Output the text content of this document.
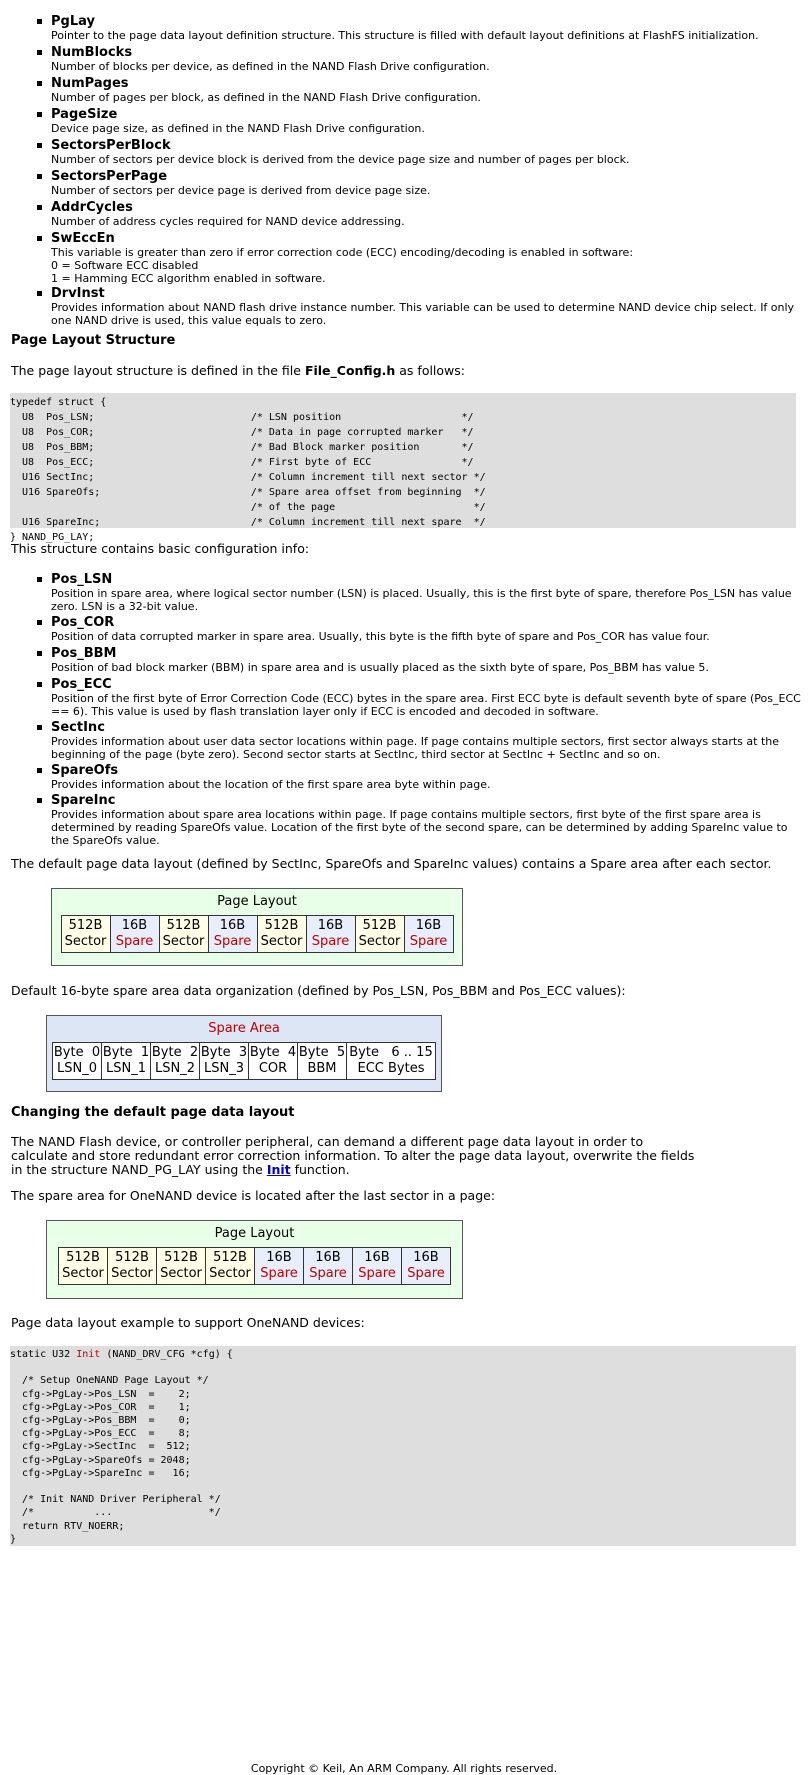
PgLay
Pointer to the page data layout definition structure. This structure is filled with default layout definitions at FlashFS initialization.
NumBlocks
Number of blocks per device, as defined in the NAND Flash Drive configuration.
NumPages
Number of pages per block, as defined in the NAND Flash Drive configuration.
PageSize
Device page size, as defined in the NAND Flash Drive configuration.
SectorsPerBlock
Number of sectors per device block is derived from the device page size and number of pages per block.
SectorsPerPage
Number of sectors per device page is derived from device page size.
AddrCycles
Number of address cycles required for NAND device addressing.
SwEccEn
This variable is greater than zero if error correction code (ECC) encoding/decoding is enabled in software:
0 = Software ECC disabled
1 = Hamming ECC algorithm enabled in software.
DrvInst
Provides information about NAND flash drive instance number. This variable can be used to determine NAND device chip select. If only one NAND drive is used, this value equals to zero.
Page Layout Structure
The page layout structure is defined in the file File_Config.h as follows:
typedef struct {
U8  Pos_LSN;                          /* LSN position                    */
U8  Pos_COR;                          /* Data in page corrupted marker   */
U8  Pos_BBM;                          /* Bad Block marker position       */
U8  Pos_ECC;                          /* First byte of ECC               */
U16 SectInc;                          /* Column increment till next sector */
U16 SpareOfs;                         /* Spare area offset from beginning  */
/* of the page                       */
U16 SpareInc;                         /* Column increment till next spare  */
} NAND_PG_LAY;
This structure contains basic configuration info:
Pos_LSN
Position in spare area, where logical sector number (LSN) is placed. Usually, this is the first byte of spare, therefore Pos_LSN has value zero. LSN is a 32-bit value.
Pos_COR
Position of data corrupted marker in spare area. Usually, this byte is the fifth byte of spare and Pos_COR has value four.
Pos_BBM
Position of bad block marker (BBM) in spare area and is usually placed as the sixth byte of spare, Pos_BBM has value 5.
Pos_ECC
Position of the first byte of Error Correction Code (ECC) bytes in the spare area. First ECC byte is default seventh byte of spare (Pos_ECC == 6). This value is used by flash translation layer only if ECC is encoded and decoded in software.
SectInc
Provides information about user data sector locations within page. If page contains multiple sectors, first sector always starts at the beginning of the page (byte zero). Second sector starts at SectInc, third sector at SectInc + SectInc and so on.
SpareOfs
Provides information about the location of the first spare area byte within page.
SpareInc
Provides information about spare area locations within page. If page contains multiple sectors, first byte of the first spare area is determined by reading SpareOfs value. Location of the first byte of the second spare, can be determined by adding SpareInc value to the SpareOfs value.
The default page data layout (defined by SectInc, SpareOfs and SpareInc values) contains a Spare area after each sector.
Page Layout
512B
Sector

16B
Spare

512B
Sector

16B
Spare

512B
Sector

16B
Spare

512B
Sector

16B
Spare
Default 16-byte spare area data organization (defined by Pos_LSN, Pos_BBM and Pos_ECC values):
Spare Area
Byte  0
LSN_0

Byte  1
LSN_1

Byte  2
LSN_2

Byte  3
LSN_3

Byte  4
COR

Byte  5
BBM

Byte   6 .. 15
ECC Bytes
Changing the default page data layout
The NAND Flash device, or controller peripheral, can demand a different page data layout in order to calculate and store redundant error correction information. To alter the page data layout, overwrite the fields in the structure NAND_PG_LAY using the Init function.
The spare area for OneNAND device is located after the last sector in a page:
Page Layout
512B
Sector

512B
Sector

512B
Sector

512B
Sector

16B
Spare

16B
Spare

16B
Spare

16B
Spare
Page data layout example to support OneNAND devices:
static U32 Init (NAND_DRV_CFG *cfg) {

/* Setup OneNAND Page Layout */
cfg->PgLay->Pos_LSN  =    2;
cfg->PgLay->Pos_COR  =    1;
cfg->PgLay->Pos_BBM  =    0;
cfg->PgLay->Pos_ECC  =    8;
cfg->PgLay->SectInc  =  512;
cfg->PgLay->SpareOfs = 2048;
cfg->PgLay->SpareInc =   16;

/* Init NAND Driver Peripheral */
/*          ...                */
return RTV_NOERR;
}
Copyright © Keil, An ARM Company. All rights reserved.
